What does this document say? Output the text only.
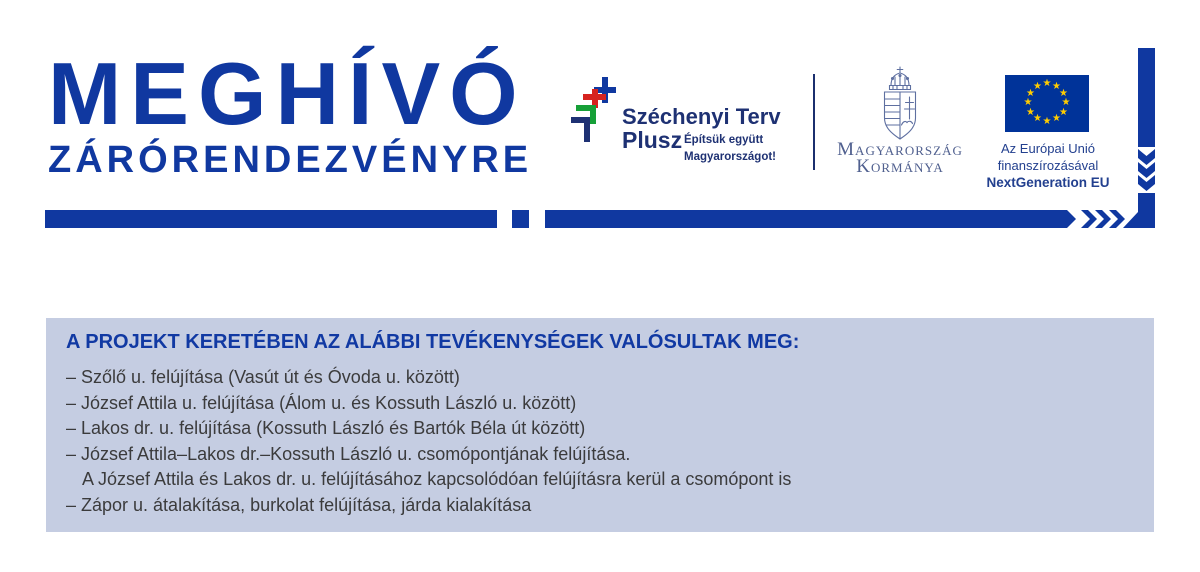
MEGHÍVÓ
ZÁRÓRENDEZVÉNYRE
Széchenyi Terv
Plusz Építsük együtt
Magyarországot!	Magyarország
Kormánya
★ ★
★
★
★
★
★
★
★
★
★
★
Az Európai Unió
finanszírozásával
NextGeneration EU
A PROJEKT KERETÉBEN AZ ALÁBBI TEVÉKENYSÉGEK VALÓSULTAK MEG:
– Szőlő u. felújítása (Vasút út és Óvoda u. között)
– József Attila u. felújítása (Álom u. és Kossuth László u. között)
– Lakos dr. u. felújítása (Kossuth László és Bartók Béla út között)
– József Attila–Lakos dr.–Kossuth László u. csomópontjának felújítása.
A József Attila és Lakos dr. u. felújításához kapcsolódóan felújításra kerül a csomópont is
– Zápor u. átalakítása, burkolat felújítása, járda kialakítása
